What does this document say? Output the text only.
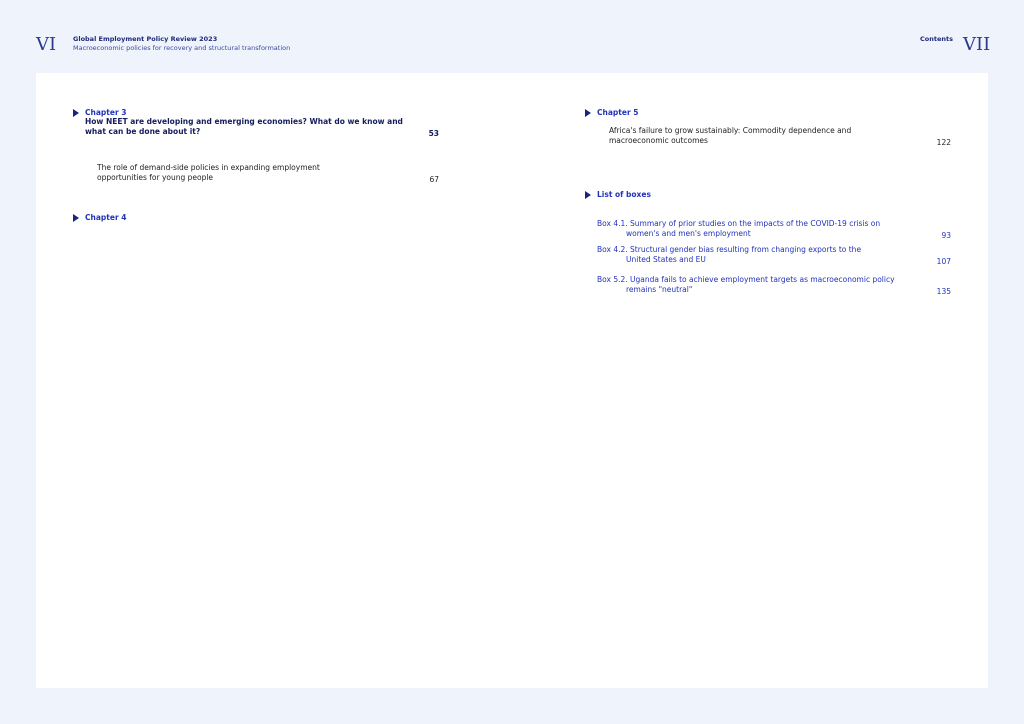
VI	Global Employment Policy Review 2023
Macroeconomic policies for recovery and structural transformation
Contents VII
Chapter 3
How NEET are developing and emerging economies? What do we know and what can be done about it?	53
The role of demand-side policies in expanding employment opportunities for young people	67
Chapter 4
Chapter 5
Africa's failure to grow sustainably: Commodity dependence and macroeconomic outcomes	122
List of boxes
Box 4.1. Summary of prior studies on the impacts of the COVID-19 crisis on
women's and men's employment	93
Box 4.2. Structural gender bias resulting from changing exports to the
United States and EU	107
Box 5.2. Uganda fails to achieve employment targets as macroeconomic policy
remains "neutral"	135
